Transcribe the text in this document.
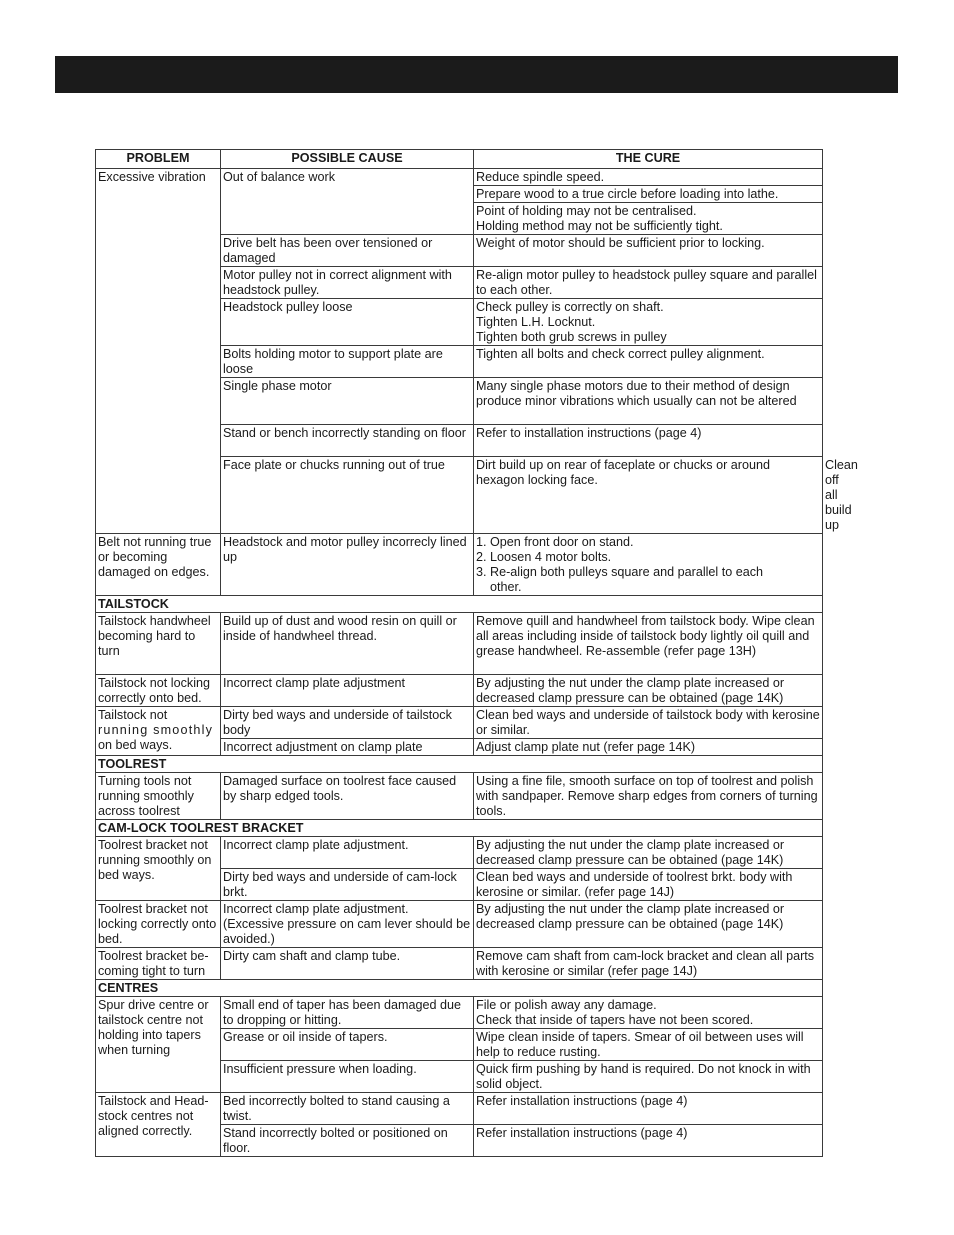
PROBLEM	POSSIBLE CAUSE	THE CURE	
Excessive vibration	Out of balance work	Reduce spindle speed.	
		Prepare wood to a true circle before loading into lathe.	

		Point of holding may not be centralised.
Holding method may not be sufficiently tight.	

	Drive belt has been over tensioned or damaged	Weight of motor should be sufficient prior to locking.	
	Motor pulley not in correct alignment with headstock pulley.	Re-align motor pulley to headstock pulley square and parallel to each other.	
	Headstock pulley loose	Check pulley is correctly on shaft.
Tighten L.H. Locknut.
Tighten both grub screws in pulley	

	Bolts holding motor to support plate are loose	Tighten all bolts and check correct pulley alignment.	
	Single phase motor	Many single phase motors due to their method of design produce minor vibrations which usually can not be altered	
	Stand or bench incorrectly standing on floor	Refer to installation instructions (page 4)	
	Face plate or chucks running out of true	Dirt build up on rear of faceplate or chucks or around hexagon locking face.	Clean off all build up
Belt not running true or becoming damaged on edges.	Headstock and motor pulley incorrecly lined up	1. Open front door on stand.
2. Loosen 4 motor bolts.
3. Re-align both pulleys square and parallel to each
other.	

TAILSTOCK			
Tailstock handwheel becoming hard to turn	Build up of dust and wood resin on quill or inside of handwheel thread.	Remove quill and handwheel from tailstock body. Wipe clean all areas including inside of tailstock body lightly oil quill and grease handwheel. Re-assemble (refer page 13H)	
Tailstock not locking correctly onto bed.	Incorrect clamp plate adjustment	By adjusting the nut under the clamp plate increased or decreased clamp pressure can be obtained (page 14K)	

Tailstock not
running smoothly
on bed ways.	Dirty bed ways and underside of tailstock body	Clean bed ways and underside of tailstock body with kerosine or similar.	
	Incorrect adjustment on clamp plate	Adjust clamp plate nut (refer page 14K)	
TOOLREST			
Turning tools not running smoothly across toolrest	Damaged surface on toolrest face caused by sharp edged tools.	Using a fine file, smooth surface on top of toolrest and polish with sandpaper. Remove sharp edges from corners of turning tools.	
CAM-LOCK TOOLREST BRACKET			
Toolrest bracket not running smoothly on bed ways.	Incorrect clamp plate adjustment.	By adjusting the nut under the clamp plate increased or decreased clamp pressure can be obtained (page 14K)	
	Dirty bed ways and underside of cam-lock brkt.	Clean bed ways and underside of toolrest brkt. body with kerosine or similar. (refer page 14J)	
Toolrest bracket not locking correctly onto bed.	Incorrect clamp plate adjustment. (Excessive pressure on cam lever should be avoided.)	By adjusting the nut under the clamp plate increased or decreased clamp pressure can be obtained (page 14K)	
Toolrest bracket be-coming tight to turn	Dirty cam shaft and clamp tube.	Remove cam shaft from cam-lock bracket and clean all parts with kerosine or similar (refer page 14J)	
CENTRES			
Spur drive centre or tailstock centre not holding into tapers when turning	Small end of taper has been damaged due to dropping or hitting.	File or polish away any damage.
Check that inside of tapers have not been scored.	

	Grease or oil inside of tapers.	Wipe clean inside of tapers. Smear of oil between uses will help to reduce rusting.	
	Insufficient pressure when loading.	Quick firm pushing by hand is required. Do not knock in with solid object.	
Tailstock and Head-stock centres not aligned correctly.	Bed incorrectly bolted to stand causing a twist.	Refer installation instructions (page 4)	
	Stand incorrectly bolted or positioned on floor.	Refer installation instructions (page 4)	
